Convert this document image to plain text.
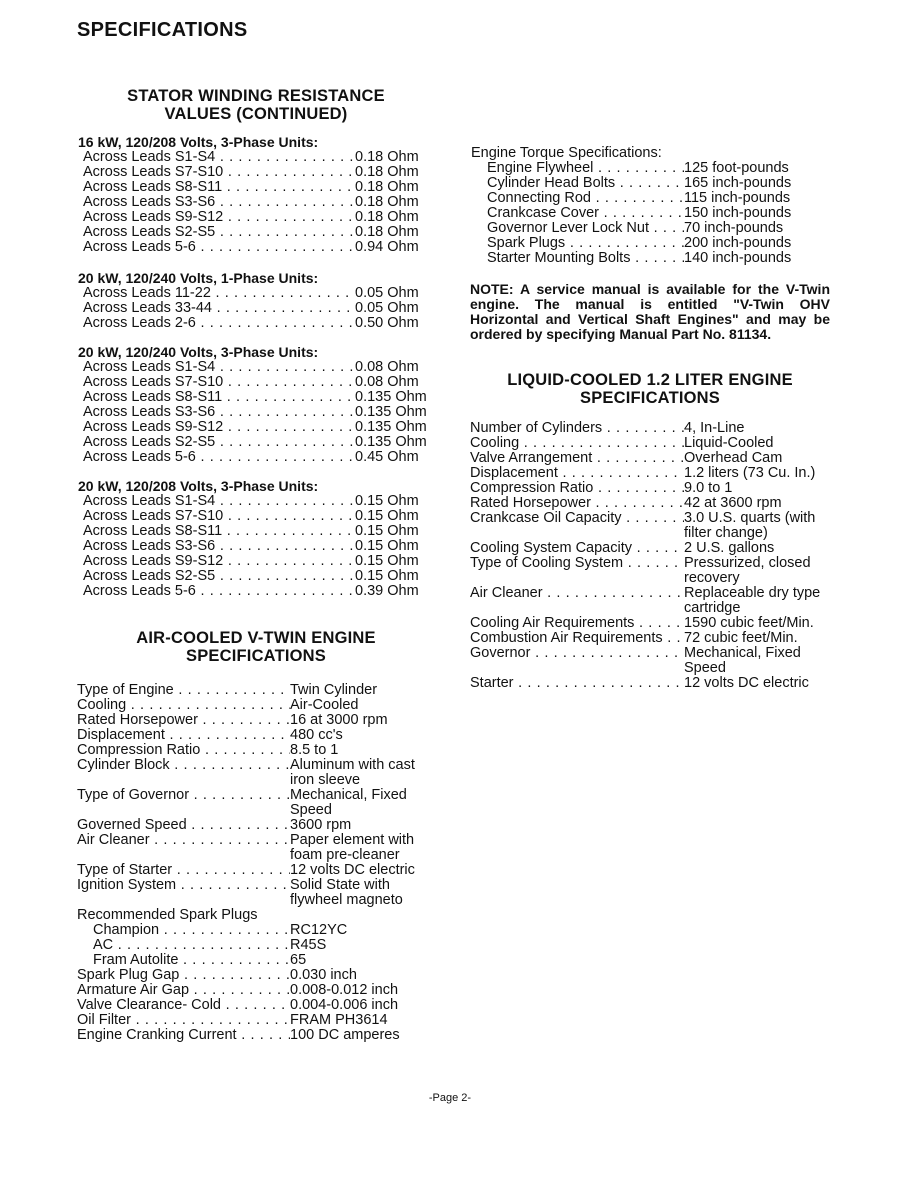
SPECIFICATIONS
STATOR WINDING RESISTANCE
VALUES (CONTINUED)
16 kW, 120/208 Volts, 3-Phase Units:
Across Leads S1-S4 . . .	0.18 Ohm
Across Leads S7-S10 . . .	0.18 Ohm
Across Leads S8-S11 . . .	0.18 Ohm
Across Leads S3-S6 . . .	0.18 Ohm
Across Leads S9-S12 . . .	0.18 Ohm
Across Leads S2-S5 . . .	0.18 Ohm
Across Leads 5-6 . . .	0.94 Ohm
20 kW, 120/240 Volts, 1-Phase Units:
Across Leads 11-22 . . .	0.05 Ohm
Across Leads 33-44 . . .	0.05 Ohm
Across Leads 2-6 . . .	0.50 Ohm
20 kW, 120/240 Volts, 3-Phase Units:
Across Leads S1-S4 . . .	0.08 Ohm
Across Leads S7-S10 . . .	0.08 Ohm
Across Leads S8-S11 . . .	0.135 Ohm
Across Leads S3-S6 . . .	0.135 Ohm
Across Leads S9-S12 . . .	0.135 Ohm
Across Leads S2-S5 . . .	0.135 Ohm
Across Leads 5-6 . . .	0.45 Ohm
20 kW, 120/208 Volts, 3-Phase Units:
Across Leads S1-S4 . . .	0.15 Ohm
Across Leads S7-S10 . . .	0.15 Ohm
Across Leads S8-S11 . . .	0.15 Ohm
Across Leads S3-S6 . . .	0.15 Ohm
Across Leads S9-S12 . . .	0.15 Ohm
Across Leads S2-S5 . . .	0.15 Ohm
Across Leads 5-6 . . .	0.39 Ohm
AIR-COOLED V-TWIN ENGINE
SPECIFICATIONS
Type of Engine . . .	Twin Cylinder
Cooling . . .	Air-Cooled
Rated Horsepower . . .	16 at 3000 rpm
Displacement . . .	480 cc's
Compression Ratio . . .	8.5 to 1
Cylinder Block . . .	Aluminum with cast iron sleeve
Type of Governor . . .	Mechanical, Fixed Speed
Governed Speed . . .	3600 rpm
Air Cleaner . . .	Paper element with foam pre-cleaner
Type of Starter . . .	12 volts DC electric
Ignition System . . .	Solid State with flywheel magneto
Recommended Spark Plugs
Champion . . .	RC12YC
AC . . .	R45S
Fram Autolite . . .	65
Spark Plug Gap . . .	0.030 inch
Armature Air Gap . . .	0.008-0.012 inch
Valve Clearance- Cold . . .	0.004-0.006 inch
Oil Filter . . .	FRAM PH3614
Engine Cranking Current . . .	100 DC amperes
Engine Torque Specifications:
Engine Flywheel . . .	125 foot-pounds
Cylinder Head Bolts . . .	165 inch-pounds
Connecting Rod . . .	115 inch-pounds
Crankcase Cover . . .	150 inch-pounds
Governor Lever Lock Nut . . .	70 inch-pounds
Spark Plugs . . .	200 inch-pounds
Starter Mounting Bolts . . .	140 inch-pounds
NOTE: A service manual is available for the V-Twin engine. The manual is entitled "V-Twin OHV Horizontal and Vertical Shaft Engines" and may be ordered by specifying Manual Part No. 81134.
LIQUID-COOLED 1.2 LITER ENGINE
SPECIFICATIONS
Number of Cylinders . . .	4, In-Line
Cooling . . .	Liquid-Cooled
Valve Arrangement . . .	Overhead Cam
Displacement . . .	1.2 liters (73 Cu. In.)
Compression Ratio . . .	9.0 to 1
Rated Horsepower . . .	42 at 3600 rpm
Crankcase Oil Capacity . . .	3.0 U.S. quarts (with filter change)
Cooling System Capacity . . .	2 U.S. gallons
Type of Cooling System . . .	Pressurized, closed recovery
Air Cleaner . . .	Replaceable dry type cartridge
Cooling Air Requirements . . .	1590 cubic feet/Min.
Combustion Air Requirements . . .	72 cubic feet/Min.
Governor . . .	Mechanical, Fixed Speed
Starter . . .	12 volts DC electric
-Page 2-
